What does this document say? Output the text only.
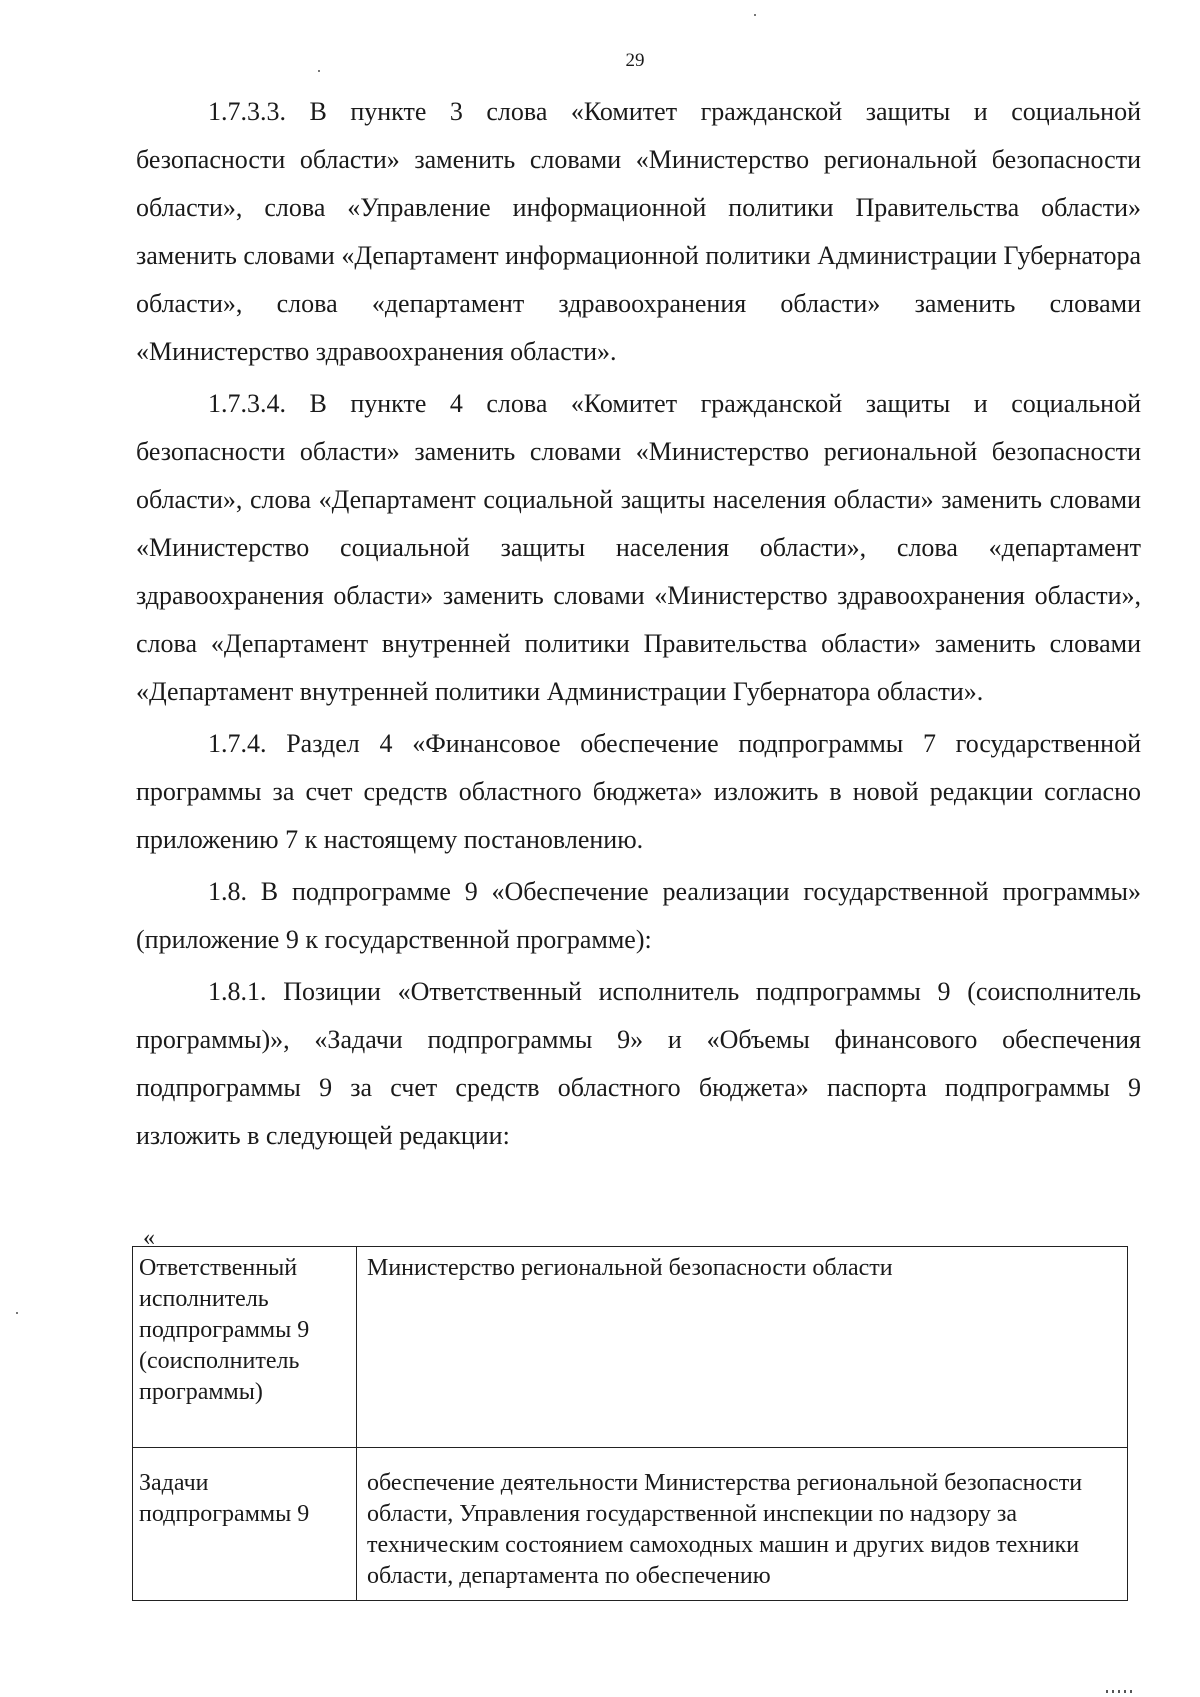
29

1.7.3.3. В пункте 3 слова «Комитет гражданской защиты и социальной безопасности области» заменить словами «Министерство региональной безопасности области», слова «Управление информационной политики Правительства области» заменить словами «Департамент информационной политики Администрации Губернатора области», слова «департамент здравоохранения области» заменить словами «Министерство здравоохранения области».

1.7.3.4. В пункте 4 слова «Комитет гражданской защиты и социальной безопасности области» заменить словами «Министерство региональной безопасности области», слова «Департамент социальной защиты населения области» заменить словами «Министерство социальной защиты населения области», слова «департамент здравоохранения области» заменить словами «Министерство здравоохранения области», слова «Департамент внутренней политики Правительства области» заменить словами «Департамент внутренней политики Администрации Губернатора области».

1.7.4. Раздел 4 «Финансовое обеспечение подпрограммы 7 государственной программы за счет средств областного бюджета» изложить в новой редакции согласно приложению 7 к настоящему постановлению.

1.8. В подпрограмме 9 «Обеспечение реализации государственной программы» (приложение 9 к государственной программе):

1.8.1. Позиции «Ответственный исполнитель подпрограммы 9 (соисполнитель программы)», «Задачи подпрограммы 9» и «Объемы финансового обеспечения подпрограммы 9 за счет средств областного бюджета» паспорта подпрограммы 9 изложить в следующей редакции:

«
Ответственный исполнитель подпрограммы 9 (соисполнитель программы)	Министерство региональной безопасности области
Задачи подпрограммы 9	обеспечение деятельности Министерства региональной безопасности области, Управления государственной инспекции по надзору за техническим состоянием самоходных машин и других видов техники области, департамента по обеспечению
